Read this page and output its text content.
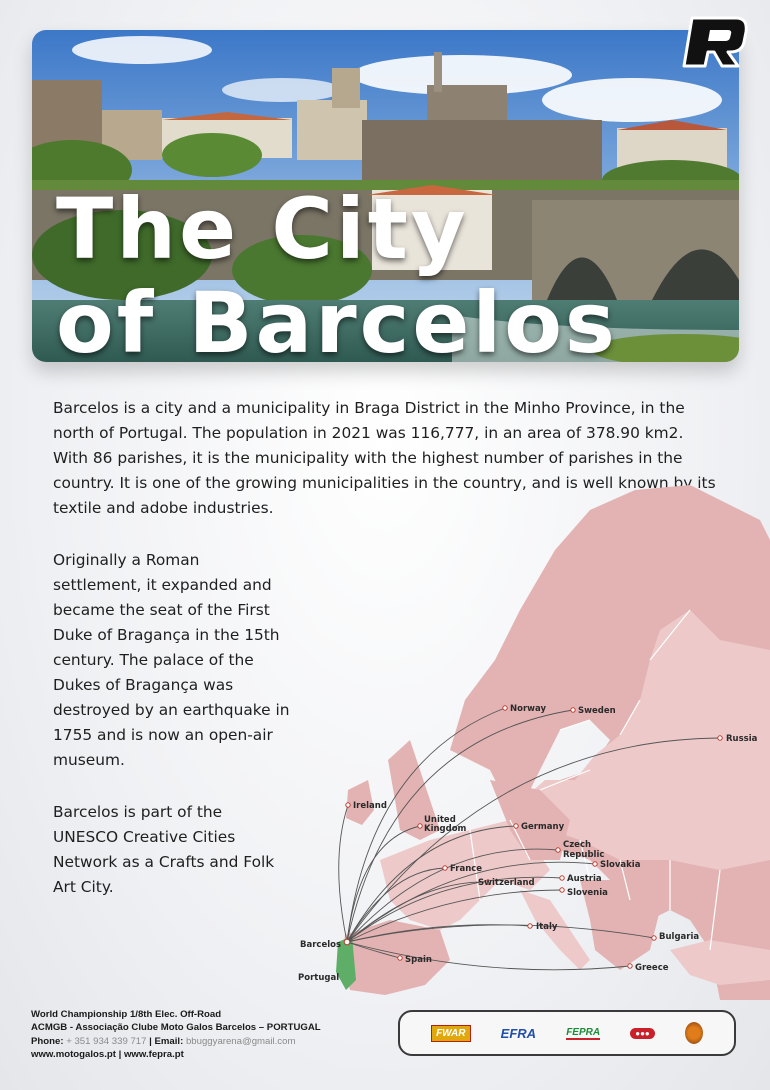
The City
of Barcelos

Barcelos is a city and a municipality in Braga District in the Minho Province, in the north of Portugal. The population in 2021 was 116,777, in an area of 378.90 km2. With 86 parishes, it is the municipality with the highest number of parishes in the country. It is one of the growing municipalities in the country, and is well known by its textile and adobe industries.

Originally a Roman settlement, it expanded and became the seat of the First Duke of Bragança in the 15th century. The palace of the Dukes of Bragança was destroyed by an earthquake in 1755 and is now an open-air museum.

Barcelos is part of the UNESCO Creative Cities Network as a Crafts and Folk Art City.

Norway	Sweden
Russia
Ireland
United
Kingdom	Germany
Czech
Republic
Slovakia
France
Austria
Switzerland
Slovenia
Italy
Bulgaria
Spain
Greece
Barcelos
Portugal
World Championship 1/8th Elec. Off-Road
ACMGB - Associação Clube Moto Galos Barcelos – PORTUGAL
Phone: + 351 934 339 717 | Email: bbuggyarena@gmail.com
www.motogalos.pt | www.fepra.pt
FWAR	EFRA	FEPRA	●●●
